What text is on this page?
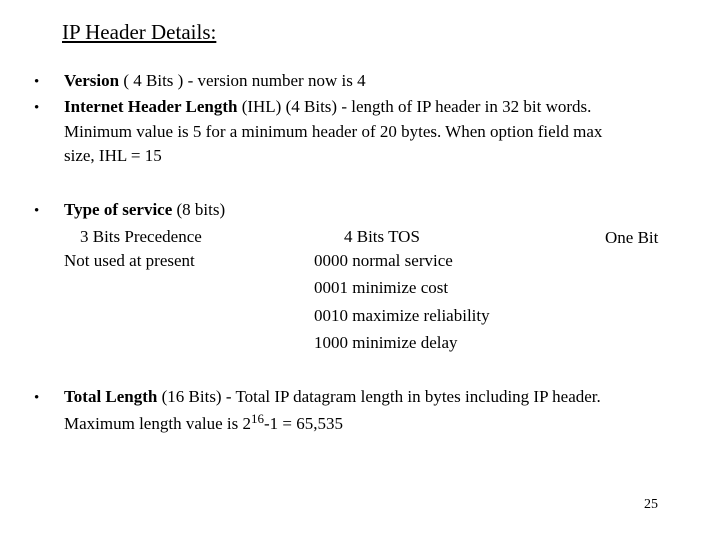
IP Header Details:
• Version ( 4 Bits ) - version number now is 4
• Internet Header Length (IHL) (4 Bits) - length of IP header in 32 bit words.
Minimum value is 5 for a minimum header of 20 bytes. When option field max
size, IHL = 15
• Type of service (8 bits)
3 Bits Precedence
Not used at present
4 Bits TOS
0000 normal service
0001 minimize cost
0010 maximize reliability
1000 minimize delay
One Bit
• Total Length (16 Bits) - Total IP datagram length in bytes including IP header.
Maximum length value is $2^{16}-1 = 65,535$
25
